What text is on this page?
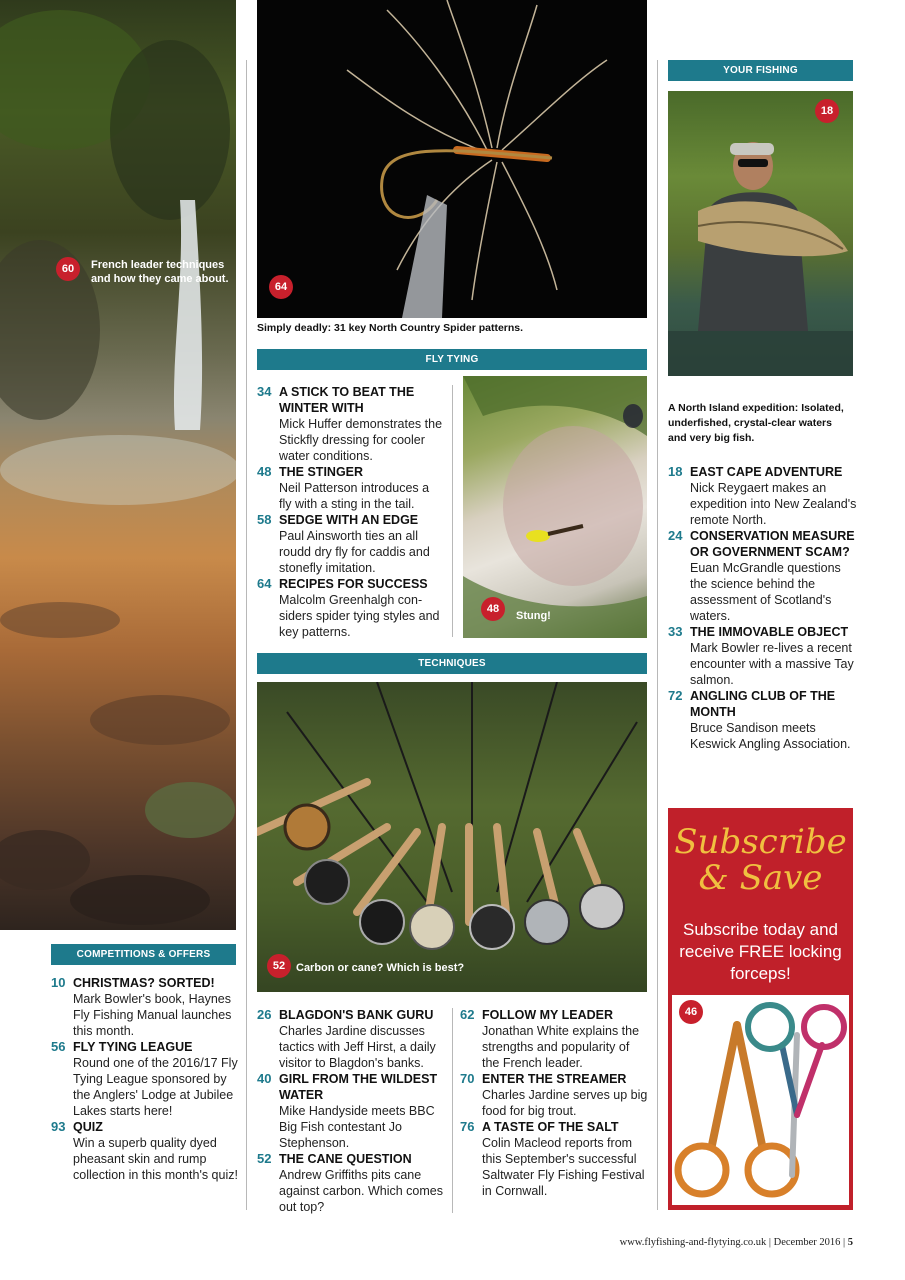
60	French leader techniques and how they came about.
64
Simply deadly: 31 key North Country Spider patterns.
FLY TYING
34 A STICK TO BEAT THE WINTER WITH
Mick Huffer demonstrates the Stickfly dressing for cooler water conditions.
48 THE STINGER
Neil Patterson introduces a fly with a sting in the tail.
58 SEDGE WITH AN EDGE
Paul Ainsworth ties an all roudd dry fly for caddis and stonefly imitation.
64 RECIPES FOR SUCCESS
Malcolm Greenhalgh considers spider tying styles and key patterns.
48
Stung!
TECHNIQUES
52 Carbon or cane? Which is best?
26 BLAGDON'S BANK GURU
Charles Jardine discusses tactics with Jeff Hirst, a daily visitor to Blagdon's banks.
40 GIRL FROM THE WILDEST WATER
Mike Handyside meets BBC Big Fish contestant Jo Stephenson.
52 THE CANE QUESTION
Andrew Griffiths pits cane against carbon. Which comes out top?
62 FOLLOW MY LEADER
Jonathan White explains the strengths and popularity of the French leader.
70 ENTER THE STREAMER
Charles Jardine serves up big food for big trout.
76 A TASTE OF THE SALT
Colin Macleod reports from this September's successful Saltwater Fly Fishing Festival in Cornwall.
YOUR FISHING
18
A North Island expedition: Isolated, underfished, crystal-clear waters and very big fish.
18 EAST CAPE ADVENTURE
Nick Reygaert makes an expedition into New Zealand's remote North.
24 CONSERVATION MEASURE OR GOVERNMENT SCAM?
Euan McGrandle questions the science behind the assessment of Scotland's waters.
33 THE IMMOVABLE OBJECT
Mark Bowler re-lives a recent encounter with a massive Tay salmon.
72 ANGLING CLUB OF THE MONTH
Bruce Sandison meets Keswick Angling Association.
Subscribe
& Save
Subscribe today and receive FREE locking forceps!
46
COMPETITIONS & OFFERS
10 CHRISTMAS? SORTED!
Mark Bowler's book, Haynes Fly Fishing Manual launches this month.
56 FLY TYING LEAGUE
Round one of the 2016/17 Fly Tying League sponsored by the Anglers' Lodge at Jubilee Lakes starts here!
93 QUIZ
Win a superb quality dyed pheasant skin and rump collection in this month's quiz!
www.flyfishing-and-flytying.co.uk | December 2016 | 5
